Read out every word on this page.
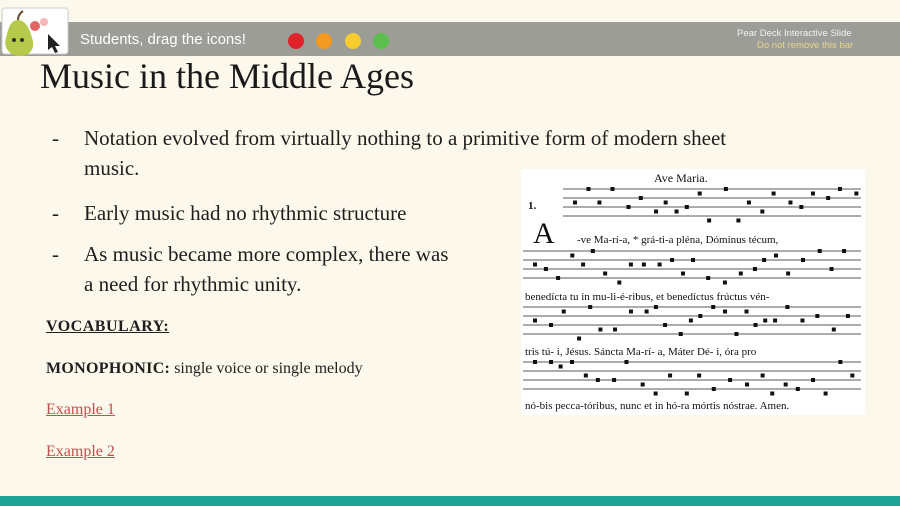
Students, drag the icons!	Pear Deck Interactive Slide
Do not remove this bar
Music in the Middle Ages
- Notation evolved from virtually nothing to a primitive form of modern sheet
music.
- Early music had no rhythmic structure
- As music became more complex, there was
a need for rhythmic unity.
VOCABULARY:
MONOPHONIC: single voice or single melody
Example 1
Example 2
Ave Maria.
1.
A -ve Ma-rí-a, * grá-ti-a pléna, Dóminus técum,
benedícta tu in mu-li-é-ribus, et benedíctus frúctus vén-
tris tú- i, Jésus. Sáncta Ma-rí- a, Máter Dé- i, óra pro
nó-bis pecca-tóribus, nunc et in hó-ra mórtis nóstrae. Amen.
